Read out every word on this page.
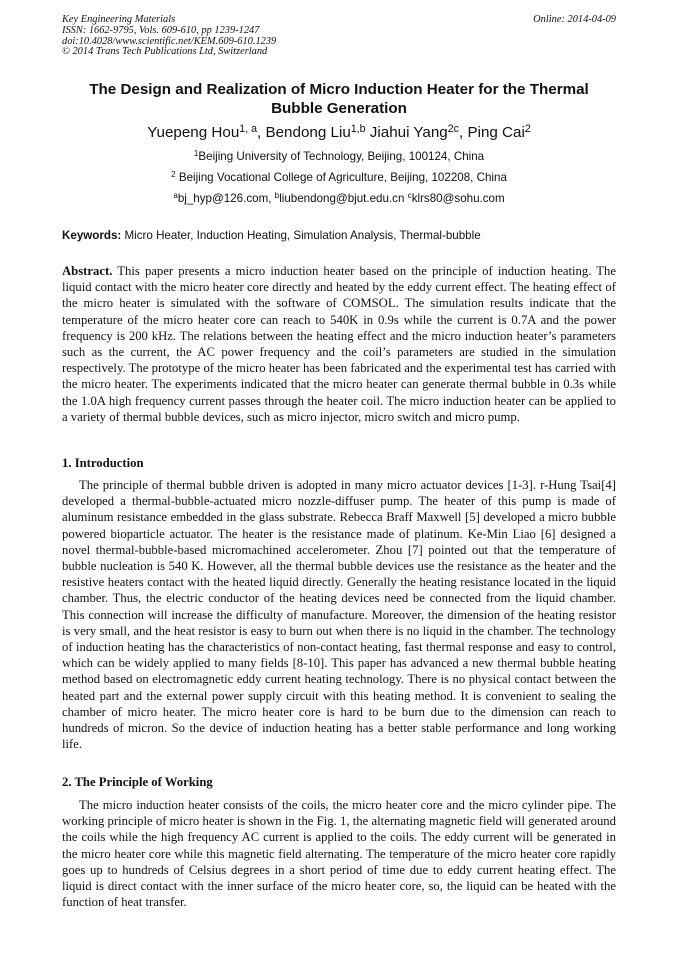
Key Engineering Materials
ISSN: 1662-9795, Vols. 609-610, pp 1239-1247
doi:10.4028/www.scientific.net/KEM.609-610.1239
© 2014 Trans Tech Publications Ltd, Switzerland
Online: 2014-04-09
The Design and Realization of Micro Induction Heater for the Thermal Bubble Generation
Yuepeng Hou$^{1, a}$, Bendong Liu$^{1,b}$ Jiahui Yang$^{2c}$, Ping Cai$^2$
$^1$Beijing University of Technology, Beijing, 100124, China
$^2$ Beijing Vocational College of Agriculture, Beijing, 102208, China
$^a$bj_hyp@126.com, $^b$liubendong@bjut.edu.cn $^c$klrs80@sohu.com
Keywords: Micro Heater, Induction Heating, Simulation Analysis, Thermal-bubble
Abstract. This paper presents a micro induction heater based on the principle of induction heating. The liquid contact with the micro heater core directly and heated by the eddy current effect. The heating effect of the micro heater is simulated with the software of COMSOL. The simulation results indicate that the temperature of the micro heater core can reach to 540K in 0.9s while the current is 0.7A and the power frequency is 200 kHz. The relations between the heating effect and the micro induction heater’s parameters such as the current, the AC power frequency and the coil’s parameters are studied in the simulation respectively. The prototype of the micro heater has been fabricated and the experimental test has carried with the micro heater. The experiments indicated that the micro heater can generate thermal bubble in 0.3s while the 1.0A high frequency current passes through the heater coil. The micro induction heater can be applied to a variety of thermal bubble devices, such as micro injector, micro switch and micro pump.
1. Introduction
The principle of thermal bubble driven is adopted in many micro actuator devices [1-3]. r-Hung Tsai[4] developed a thermal-bubble-actuated micro nozzle-diffuser pump. The heater of this pump is made of aluminum resistance embedded in the glass substrate. Rebecca Braff Maxwell [5] developed a micro bubble powered bioparticle actuator. The heater is the resistance made of platinum. Ke-Min Liao [6] designed a novel thermal-bubble-based micromachined accelerometer. Zhou [7] pointed out that the temperature of bubble nucleation is 540 K. However, all the thermal bubble devices use the resistance as the heater and the resistive heaters contact with the heated liquid directly. Generally the heating resistance located in the liquid chamber. Thus, the electric conductor of the heating devices need be connected from the liquid chamber. This connection will increase the difficulty of manufacture. Moreover, the dimension of the heating resistor is very small, and the heat resistor is easy to burn out when there is no liquid in the chamber. The technology of induction heating has the characteristics of non-contact heating, fast thermal response and easy to control, which can be widely applied to many fields [8-10]. This paper has advanced a new thermal bubble heating method based on electromagnetic eddy current heating technology. There is no physical contact between the heated part and the external power supply circuit with this heating method. It is convenient to sealing the chamber of micro heater. The micro heater core is hard to be burn due to the dimension can reach to hundreds of micron. So the device of induction heating has a better stable performance and long working life.
2. The Principle of Working
The micro induction heater consists of the coils, the micro heater core and the micro cylinder pipe. The working principle of micro heater is shown in the Fig. 1, the alternating magnetic field will generated around the coils while the high frequency AC current is applied to the coils. The eddy current will be generated in the micro heater core while this magnetic field alternating. The temperature of the micro heater core rapidly goes up to hundreds of Celsius degrees in a short period of time due to eddy current heating effect. The liquid is direct contact with the inner surface of the micro heater core, so, the liquid can be heated with the function of heat transfer.
